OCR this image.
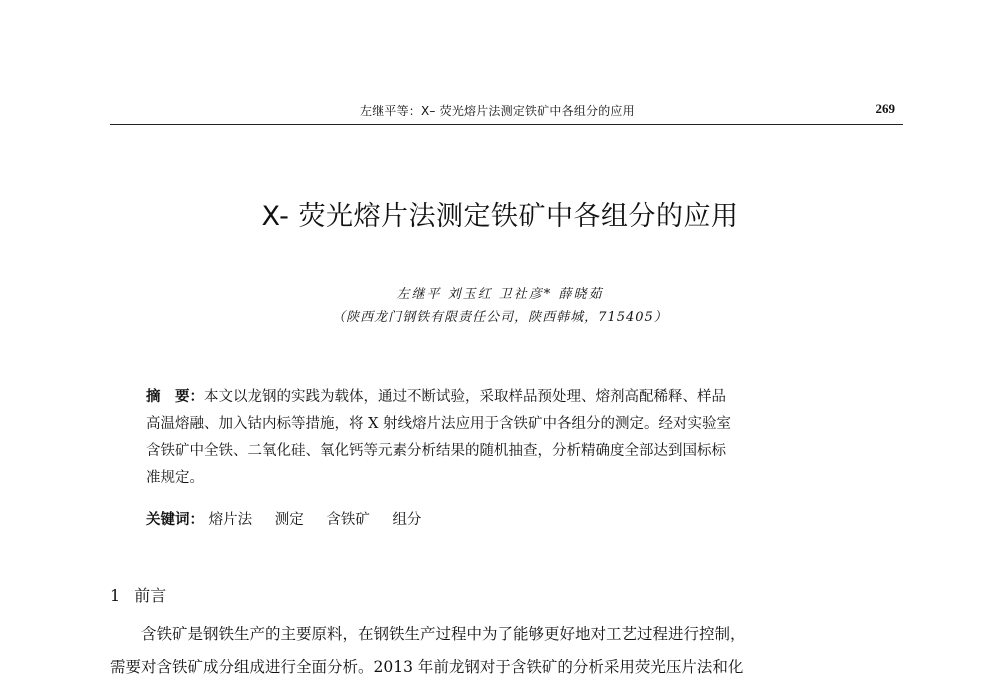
左继平等：X– 荧光熔片法测定铁矿中各组分的应用	269
X- 荧光熔片法测定铁矿中各组分的应用
左继平 刘玉红 卫社彦* 薛晓茹
（陕西龙门钢铁有限责任公司，陕西韩城，715405）
摘　要：本文以龙钢的实践为载体，通过不断试验，采取样品预处理、熔剂高配稀释、样品
高温熔融、加入钴内标等措施，将 X 射线熔片法应用于含铁矿中各组分的测定。经对实验室
含铁矿中全铁、二氧化硅、氧化钙等元素分析结果的随机抽查，分析精确度全部达到国标标
准规定。
关键词： 熔片法 测定 含铁矿 组分
1 前言
含铁矿是钢铁生产的主要原料，在钢铁生产过程中为了能够更好地对工艺过程进行控制，
需要对含铁矿成分组成进行全面分析。2013 年前龙钢对于含铁矿的分析采用荧光压片法和化
